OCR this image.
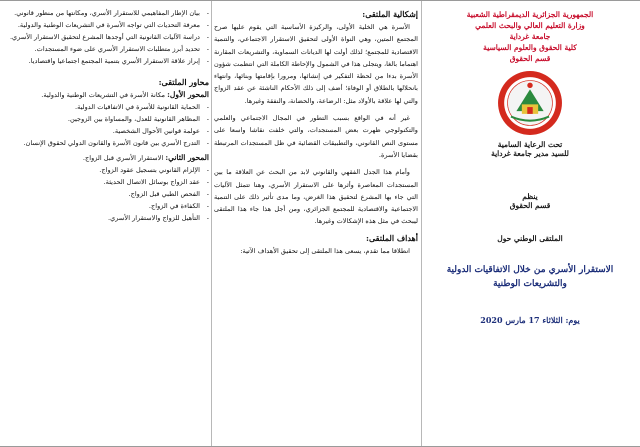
- بيان الإطار المفاهيمي للاستقرار الأسري، ومكانتها من منظور قانوني.
- معرفة التحديات التي تواجه الأسرة في التشريعات الوطنية والدولية.
- دراسة الآليات القانونية التي أوجدها المشرع لتحقيق الاستقرار الأسري.
- تحديد أبرز متطلبات الاستقرار الأسري على ضوء المستجدات.
- إبراز علاقة الاستقرار الأسري بتنمية المجتمع اجتماعيا واقتصاديا.
محاور الملتقى:
المحور الأول: مكانة الأسرة في التشريعات الوطنية والدولية.
- الحماية القانونية للأسرة في الاتفاقيات الدولية.
- المظاهر القانونية للعدل، والمساواة بين الزوجين.
- عولمة قوانين الأحوال الشخصية.
- التدرج الأسري بين قانون الأسرة والقانون الدولي لحقوق الإنسان.
المحور الثاني: الاستقرار الأسري قبل الزواج.
- الإلزام القانوني بتسجيل عقود الزواج.
- عقد الزواج بوسائل الاتصال الحديثة.
- الفحص الطبي قبل الزواج.
- الكفاءة في الزواج.
- التأهيل للزواج والاستقرار الأسري.
إشكالية الملتقى:

الأسرة هي الخلية الأولى، والركيزة الأساسية التي يقوم عليها صرح المجتمع المتين، وهي النواة الأولى لتحقيق الاستقرار الاجتماعي، والتنمية الاقتصادية للمجتمع؛ لذلك أولت لها الديانات السماوية، والتشريعات المقارنة اهتماما بالغا، ويتجلى هذا في الشمول والإحاطة الكاملة التي انتظمت شؤون الأسرة بدءا من لحظة التفكير في إنشائها، ومرورا بإقامتها وبنائها، وانتهاء بانحلالها بالطلاق أو الوفاة؛ أضف إلى ذلك الأحكام الناشئة عن عقد الزواج والتي لها علاقة بالأولاد مثل: الرضاعة، والحضانة، والنفقة وغيرها.

غير أنه في الواقع بسبب التطور في المجال الاجتماعي والعلمي والتكنولوجي ظهرت بعض المستجدات، والتي خلفت نقاشا واسعا على مستوى النص القانوني، والتطبيقات القضائية في ظل المستجدات المرتبطة بقضايا الأسرة.

وأمام هذا الجدل الفقهي والقانوني لابد من البحث عن العلاقة ما بين المستجدات المعاصرة وأثرها على الاستقرار الأسري، وهنا تتمثل الآليات التي جاء بها المشرع لتحقيق هذا الغرض، وما مدى تأثير ذلك على التنمية الاجتماعية والاقتصادية للمجتمع الجزائري، ومن أجل هذا جاء هذا الملتقى ليبحث في مثل هذه الإشكالات وغيرها.

أهداف الملتقى:

انطلاقا مما تقدم، يسعى هذا الملتقى إلى تحقيق الأهداف الآتية:

الجمهورية الجزائرية الديمقراطية الشعبية
وزارة التعليم العالي والبحث العلمي
جامعة غرداية
كلية الحقوق والعلوم السياسية
قسم الحقوق
تحت الرعاية السامية
للسيد مدير جامعة غرداية
ينظم
قسم الحقوق
الملتقى الوطني حول
الاستقرار الأسري من خلال الاتفاقيات الدولية والتشريعات الوطنية
يوم: الثلاثاء 17 مارس 2020
